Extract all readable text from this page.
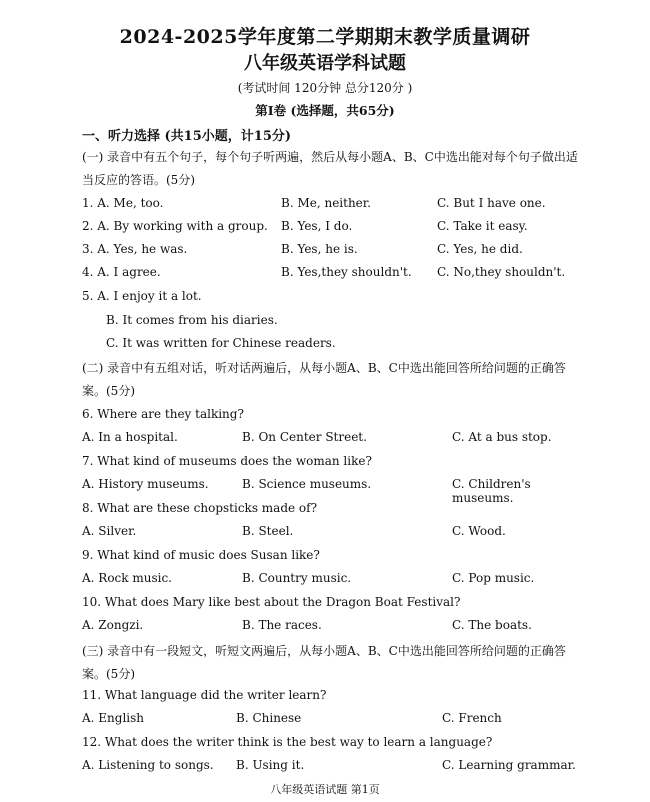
2024-2025学年度第二学期期末教学质量调研
八年级英语学科试题
(考试时间 120分钟 总分120分 )
第Ⅰ卷 (选择题，共65分)
一、听力选择 (共15小题，计15分)
(一) 录音中有五个句子，每个句子听两遍，然后从每小题A、B、C中选出能对每个句子做出适当反应的答语。(5分)
1. A. Me, too.	B. Me, neither.	C. But I have one.
2. A. By working with a group. B. Yes, I do.	C. Take it easy.
3. A. Yes, he was.	B. Yes, he is.	C. Yes, he did.
4. A. I agree.	B. Yes,they shouldn't. C. No,they shouldn't.
5. A. I enjoy it a lot.
B. It comes from his diaries.
C. It was written for Chinese readers.
(二) 录音中有五组对话，听对话两遍后，从每小题A、B、C中选出能回答所给问题的正确答案。(5分)
6. Where are they talking?
A. In a hospital.	B. On Center Street.	C. At a bus stop.
7. What kind of museums does the woman like?
A. History museums.	B. Science museums.	C. Children's museums.
8. What are these chopsticks made of?
A. Silver.	B. Steel.	C. Wood.
9. What kind of music does Susan like?
A. Rock music.	B. Country music.	C. Pop music.
10. What does Mary like best about the Dragon Boat Festival?
A. Zongzi.	B. The races.	C. The boats.
(三) 录音中有一段短文，听短文两遍后，从每小题A、B、C中选出能回答所给问题的正确答案。(5分)
11. What language did the writer learn?
A. English	B. Chinese	C. French
12. What does the writer think is the best way to learn a language?
A. Listening to songs. B. Using it.	C. Learning grammar.
八年级英语试题 第1页
